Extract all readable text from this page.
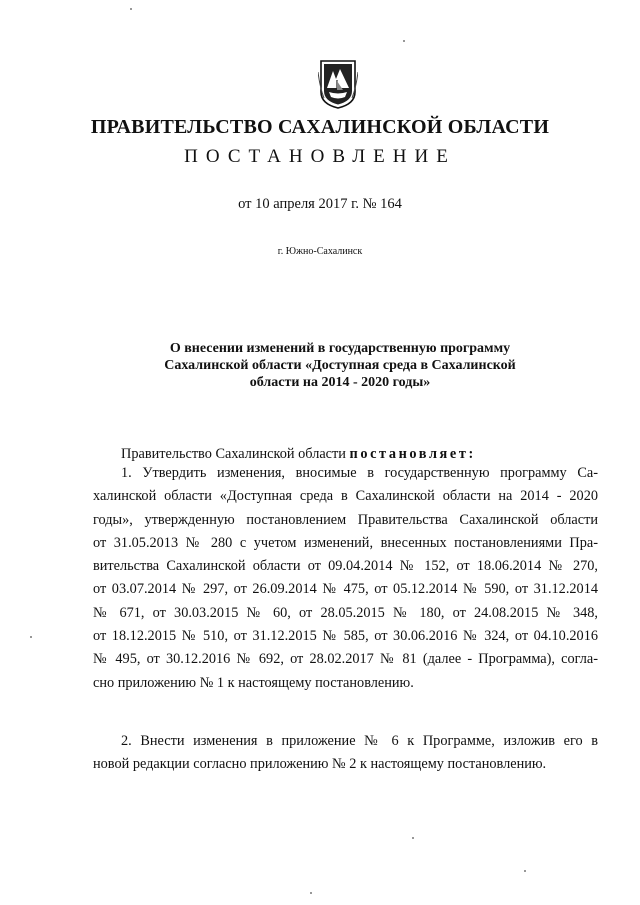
ПРАВИТЕЛЬСТВО САХАЛИНСКОЙ ОБЛАСТИ
ПОСТАНОВЛЕНИЕ
от 10 апреля 2017 г. № 164
г. Южно-Сахалинск
О внесении изменений в государственную программу
Сахалинской области «Доступная среда в Сахалинской
области на 2014 - 2020 годы»
Правительство Сахалинской области постановляет:
1. Утвердить изменения, вносимые в государственную программу Са-
халинской области «Доступная среда в Сахалинской области на 2014 - 2020
годы», утвержденную постановлением Правительства Сахалинской области
от 31.05.2013 № 280 с учетом изменений, внесенных постановлениями Пра-
вительства Сахалинской области от 09.04.2014 № 152, от 18.06.2014 № 270,
от 03.07.2014 № 297, от 26.09.2014 № 475, от 05.12.2014 № 590, от 31.12.2014
№ 671, от 30.03.2015 № 60, от 28.05.2015 № 180, от 24.08.2015 № 348,
от 18.12.2015 № 510, от 31.12.2015 № 585, от 30.06.2016 № 324, от 04.10.2016
№ 495, от 30.12.2016 № 692, от 28.02.2017 № 81 (далее - Программа), согла-
сно приложению № 1 к настоящему постановлению.
2. Внести изменения в приложение № 6 к Программе, изложив его в
новой редакции согласно приложению № 2 к настоящему постановлению.
